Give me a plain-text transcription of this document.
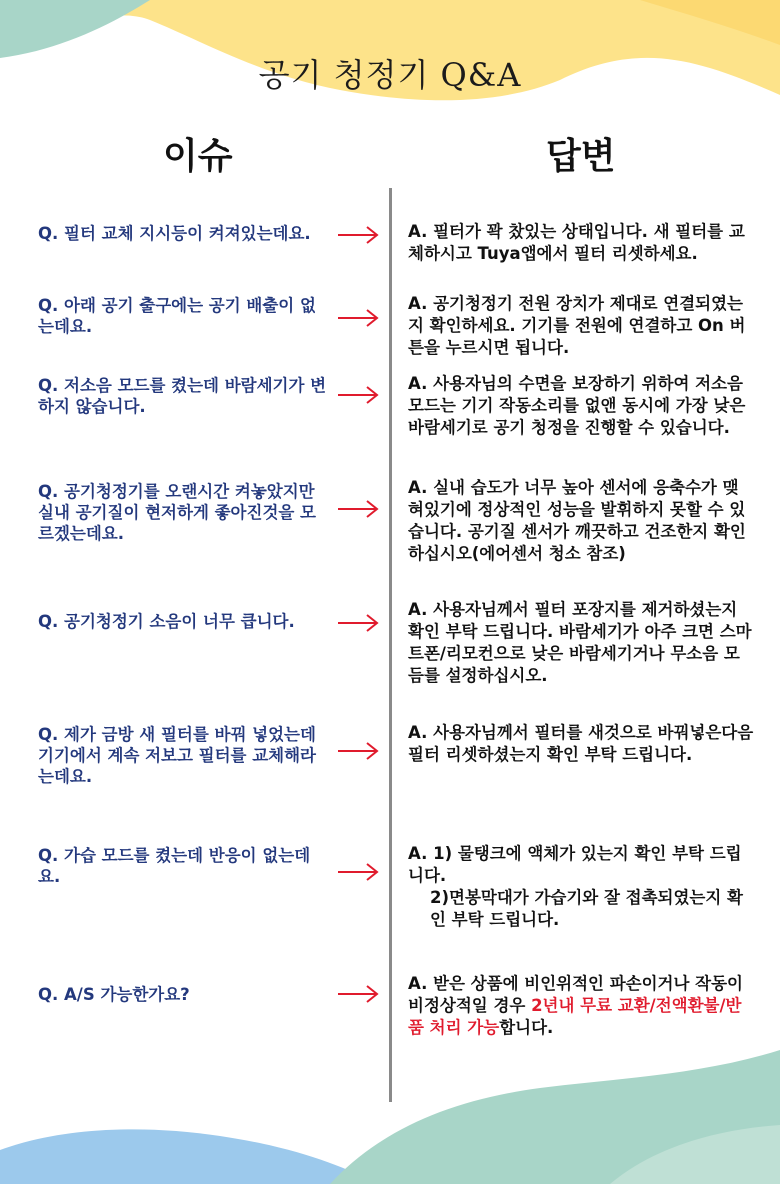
공기 청정기 Q&A
이슈	답변
Q. 필터 교체 지시등이 켜져있는데요.	A. 필터가 꽉 찼있는 상태입니다. 새 필터를 교체하시고 Tuya앱에서 필터 리셋하세요.
Q. 아래 공기 출구에는 공기 배출이 없는데요.
A. 공기청정기 전원 장치가 제대로 연결되였는지 확인하세요. 기기를 전원에 연결하고 On 버튼을 누르시면 됩니다.
Q. 저소음 모드를 켰는데 바람세기가 변하지 않습니다.
A. 사용자님의 수면을 보장하기 위하여 저소음 모드는 기기 작동소리를 없앤 동시에 가장 낮은 바람세기로 공기 청정을 진행할 수 있습니다.
Q. 공기청정기를 오랜시간 켜놓았지만 실내 공기질이 현저하게 좋아진것을 모르겠는데요.
A. 실내 습도가 너무 높아 센서에 응축수가 맺혀있기에 정상적인 성능을 발휘하지 못할 수 있습니다. 공기질 센서가 깨끗하고 건조한지 확인하십시오(에어센서 청소 참조)
Q. 공기청정기 소음이 너무 큽니다.
A. 사용자님께서 필터 포장지를 제거하셨는지 확인 부탁 드립니다. 바람세기가 아주 크면 스마트폰/리모컨으로 낮은 바람세기거나 무소음 모듬를 설정하십시오.
Q. 제가 금방 새 필터를 바꿔 넣었는데 기기에서 계속 저보고 필터를 교체해라는데요.
A. 사용자님께서 필터를 새것으로 바꿔넣은다음 필터 리셋하셨는지 확인 부탁 드립니다.
Q. 가습 모드를 켰는데 반응이 없는데요.
A. 1) 물탱크에 액체가 있는지 확인 부탁 드립니다.
2)면봉막대가 가습기와 잘 접촉되였는지 확인 부탁 드립니다.
Q. A/S 가능한가요?
A. 받은 상품에 비인위적인 파손이거나 작동이 비정상적일 경우 2년내 무료 교환/전액환불/반품 처리 가능합니다.
